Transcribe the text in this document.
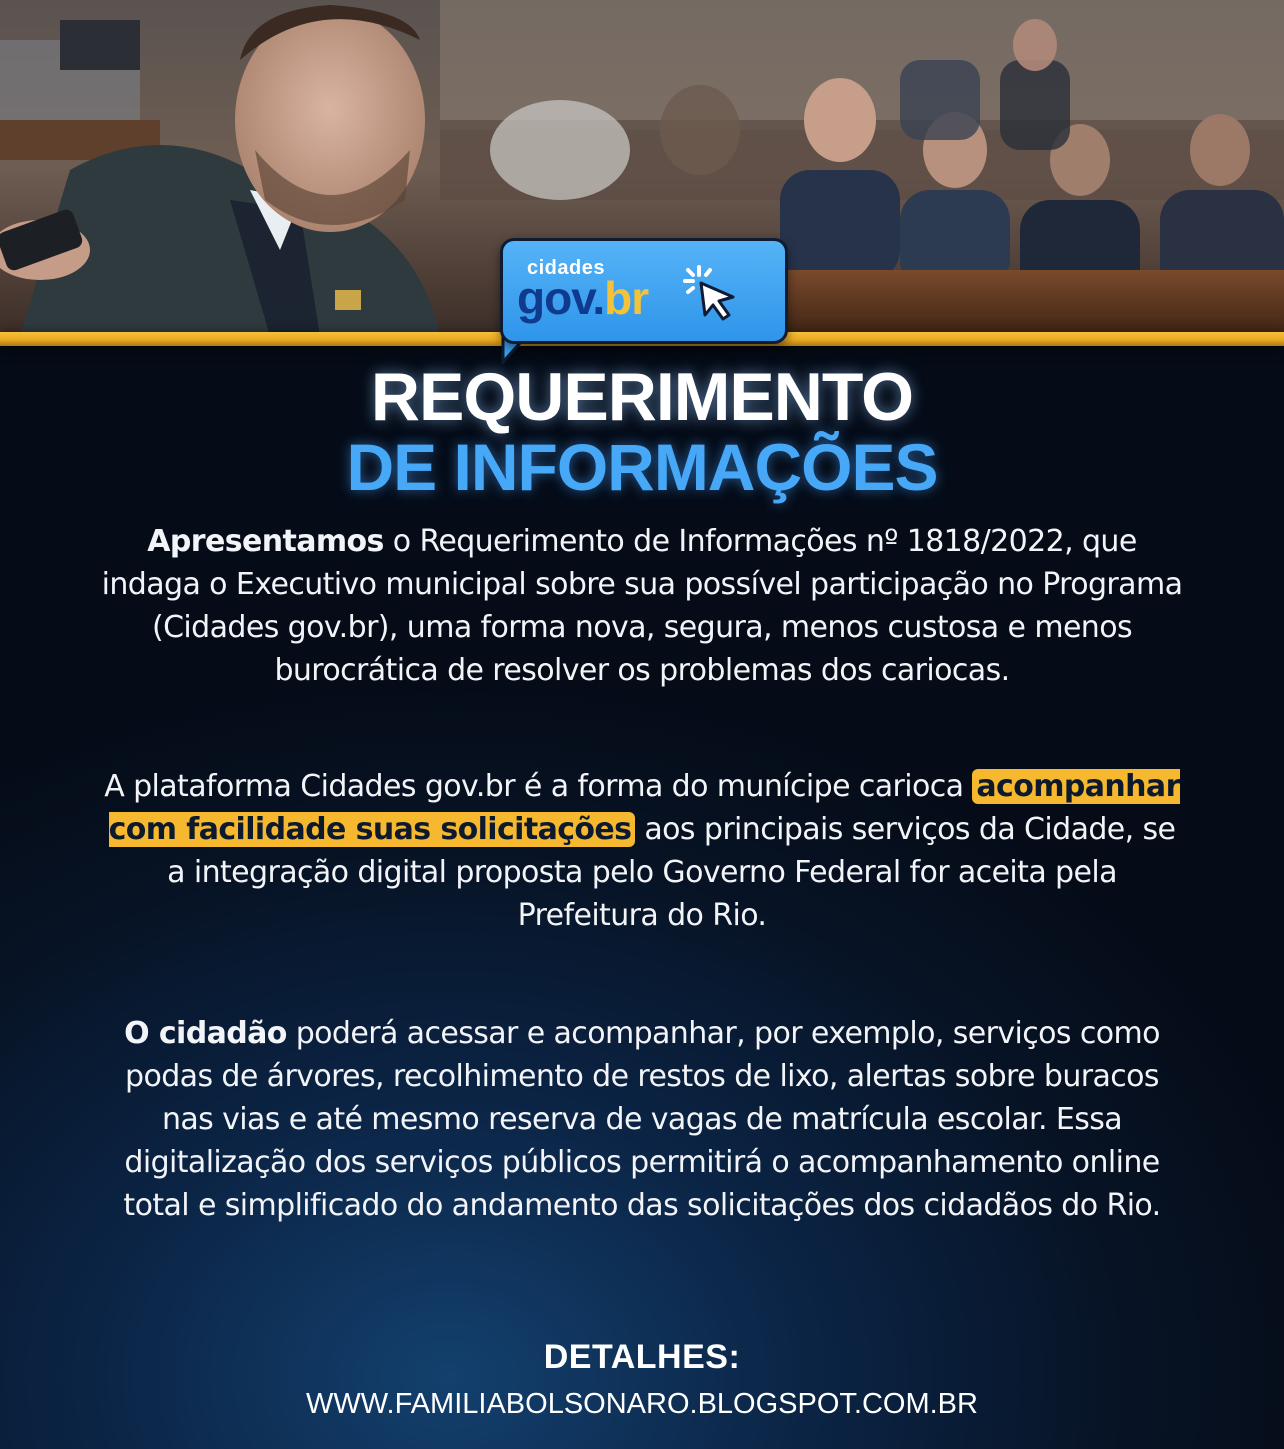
cidades
gov.br
REQUERIMENTO
DE INFORMAÇÕES
Apresentamos o Requerimento de Informações nº 1818/2022, que indaga o Executivo municipal sobre sua possível participação no Programa (Cidades gov.br), uma forma nova, segura, menos custosa e menos burocrática de resolver os problemas dos cariocas.
A plataforma Cidades gov.br é a forma do munícipe carioca acompanhar com facilidade suas solicitações aos principais serviços da Cidade, se a integração digital proposta pelo Governo Federal for aceita pela Prefeitura do Rio.
O cidadão poderá acessar e acompanhar, por exemplo, serviços como podas de árvores, recolhimento de restos de lixo, alertas sobre buracos nas vias e até mesmo reserva de vagas de matrícula escolar. Essa digitalização dos serviços públicos permitirá o acompanhamento online total e simplificado do andamento das solicitações dos cidadãos do Rio.
DETALHES:
WWW.FAMILIABOLSONARO.BLOGSPOT.COM.BR
